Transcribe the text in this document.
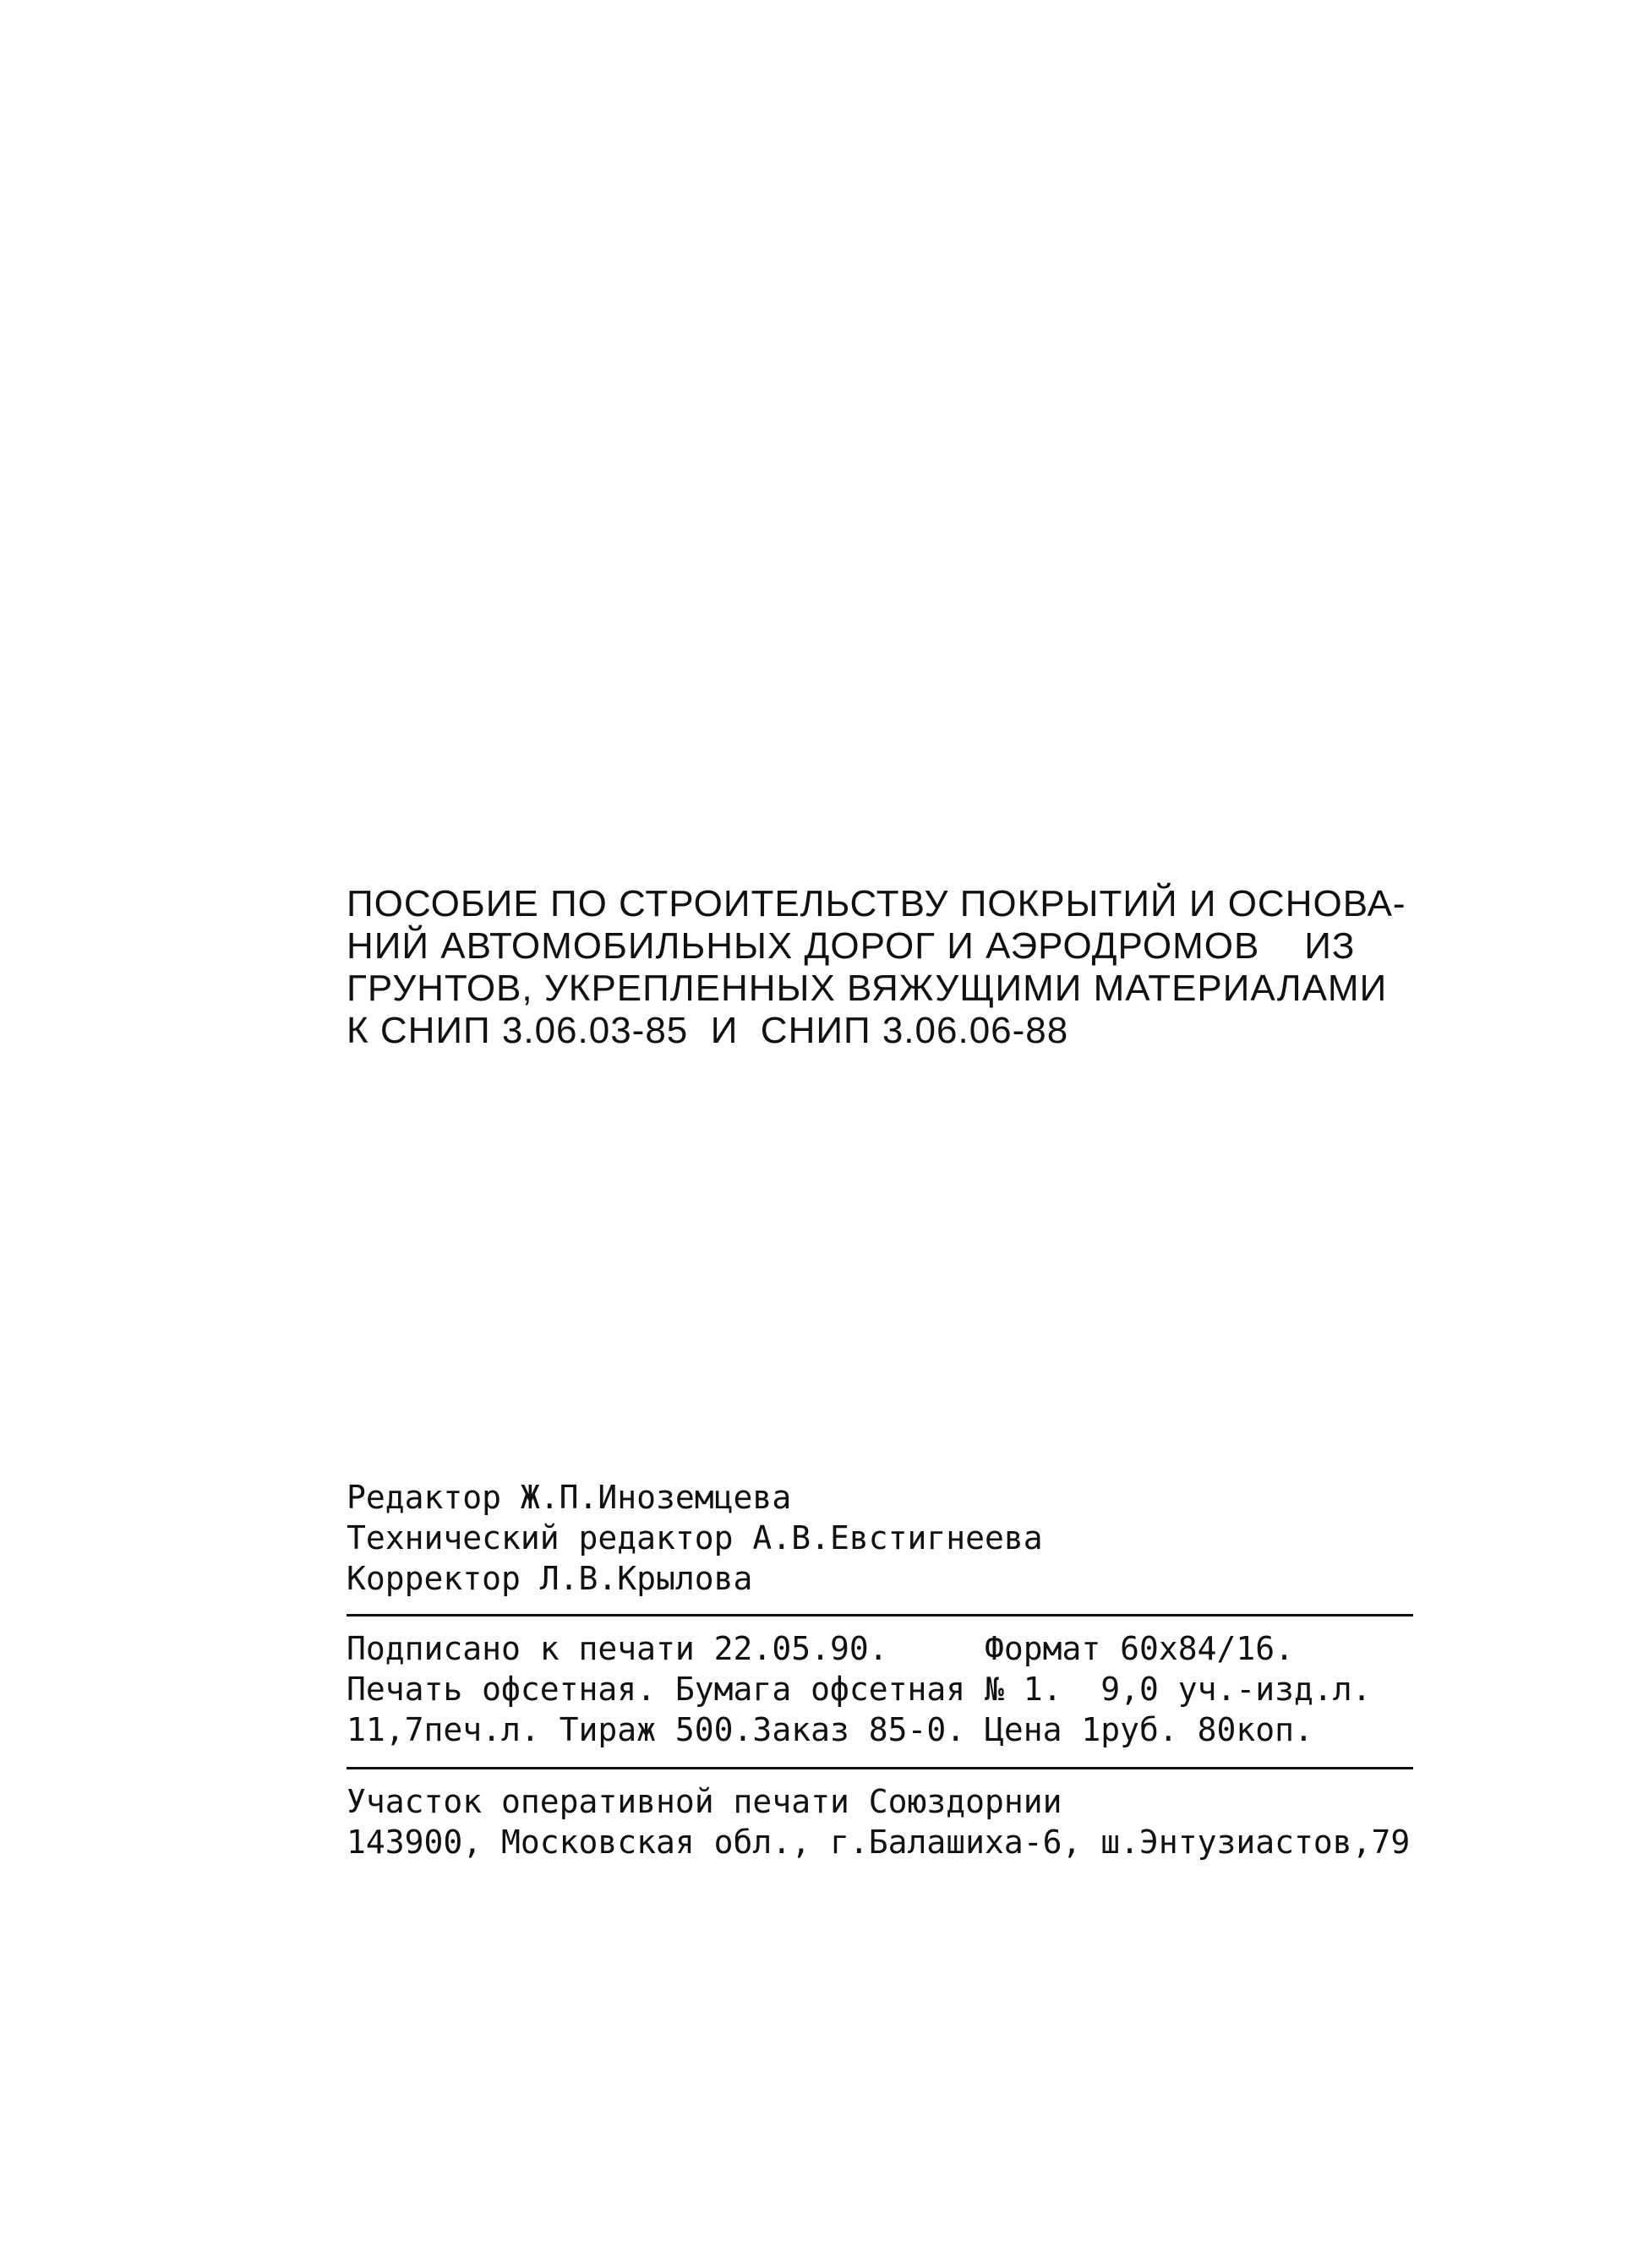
ПОСОБИЕ ПО СТРОИТЕЛЬСТВУ ПОКРЫТИЙ И ОСНОВА-
НИЙ АВТОМОБИЛЬНЫХ ДОРОГ И АЭРОДРОМОВ    ИЗ
ГРУНТОВ, УКРЕПЛЕННЫХ ВЯЖУЩИМИ МАТЕРИАЛАМИ
К СНИП 3.06.03-85  И  СНИП 3.06.06-88
Редактор Ж.П.Иноземцева
Технический редактор А.В.Евстигнеева
Корректор Л.В.Крылова
Подписано к печати 22.05.90.     Формат 60х84/16.
Печать офсетная. Бумага офсетная № 1.  9,0 уч.-изд.л.
11,7печ.л. Тираж 500.Заказ 85-0. Цена 1руб. 80коп.
Участок оперативной печати Союздорнии
143900, Московская обл., г.Балашиха-6, ш.Энтузиастов,79
